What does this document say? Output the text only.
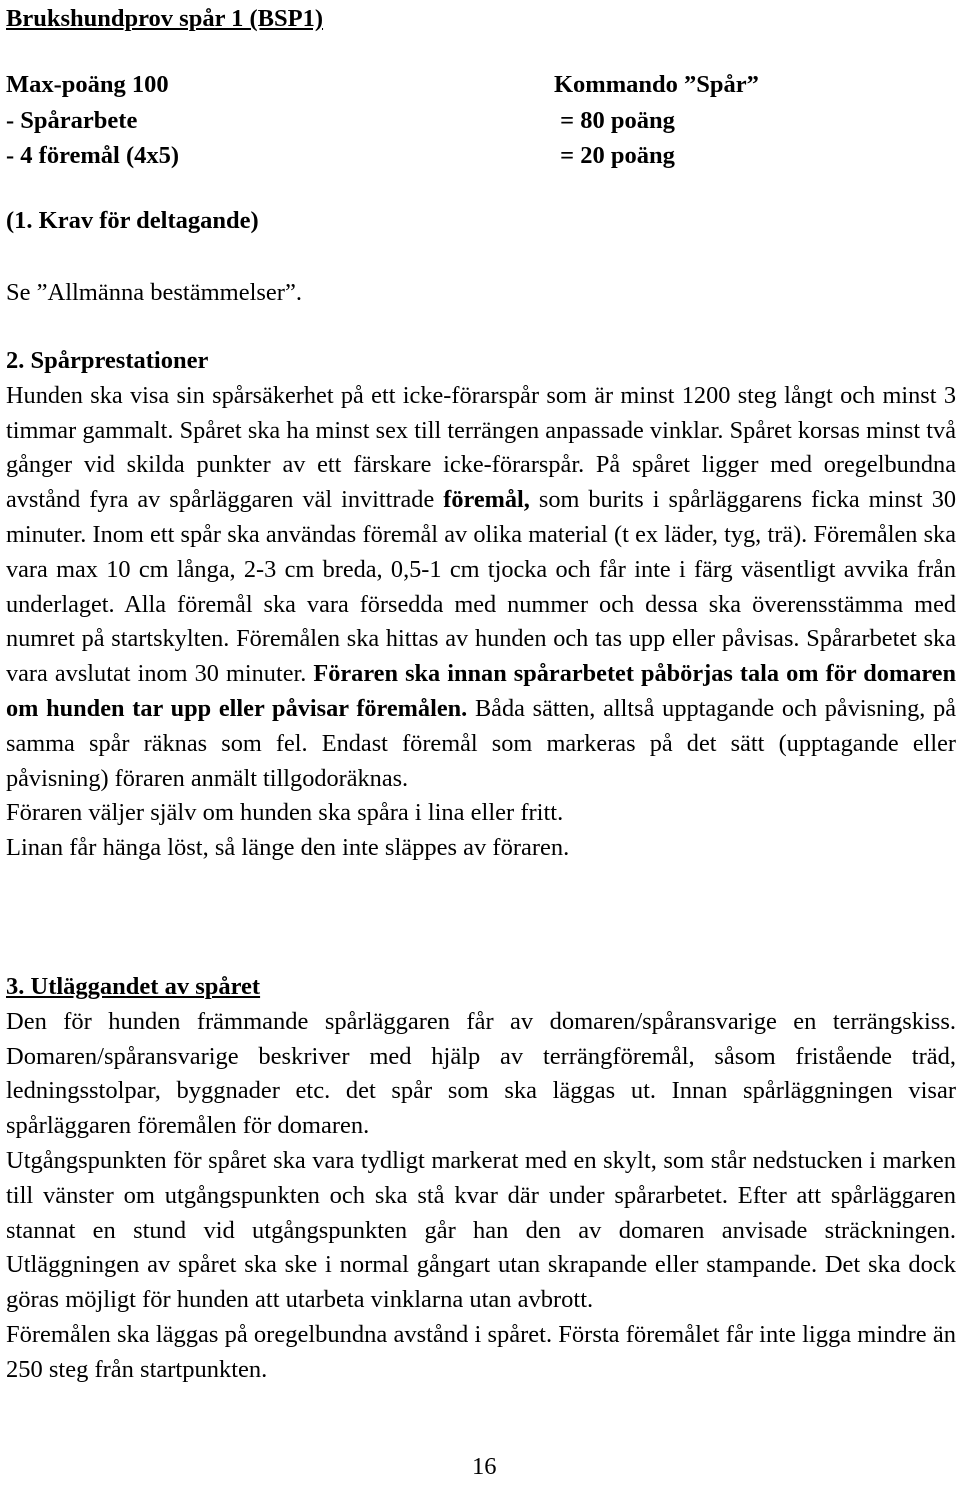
Brukshundprov spår 1 (BSP1)
Max-poäng 100	Kommando ”Spår”
- Spårarbete	= 80 poäng
- 4 föremål (4x5)	= 20 poäng
(1. Krav för deltagande)

Se ”Allmänna bestämmelser”.

2. Spårprestationer

Hunden ska visa sin spårsäkerhet på ett icke-förarspår som är minst 1200 steg långt och minst 3 timmar gammalt. Spåret ska ha minst sex till terrängen anpassade vinklar. Spåret korsas minst två gånger vid skilda punkter av ett färskare icke-förarspår. På spåret ligger med oregelbundna avstånd fyra av spårläggaren väl invittrade föremål, som burits i spårläggarens ficka minst 30 minuter. Inom ett spår ska användas föremål av olika material (t ex läder, tyg, trä). Föremålen ska vara max 10 cm långa, 2-3 cm breda, 0,5-1 cm tjocka och får inte i färg väsentligt avvika från underlaget. Alla föremål ska vara försedda med nummer och dessa ska överensstämma med numret på startskylten. Föremålen ska hittas av hunden och tas upp eller påvisas. Spårarbetet ska vara avslutat inom 30 minuter. Föraren ska innan spårarbetet påbörjas tala om för domaren om hunden tar upp eller påvisar föremålen. Båda sätten, alltså upptagande och påvisning, på samma spår räknas som fel. Endast föremål som markeras på det sätt (upptagande eller påvisning) föraren anmält tillgodoräknas.

Föraren väljer själv om hunden ska spåra i lina eller fritt.

Linan får hänga löst, så länge den inte släppes av föraren.

3. Utläggandet av spåret

Den för hunden främmande spårläggaren får av domaren/spåransvarige en terrängskiss. Domaren/spåransvarige beskriver med hjälp av terrängföremål, såsom fristående träd, ledningsstolpar, byggnader etc. det spår som ska läggas ut. Innan spårläggningen visar spårläggaren föremålen för domaren.

Utgångspunkten för spåret ska vara tydligt markerat med en skylt, som står nedstucken i marken till vänster om utgångspunkten och ska stå kvar där under spårarbetet. Efter att spårläggaren stannat en stund vid utgångspunkten går han den av domaren anvisade sträckningen. Utläggningen av spåret ska ske i normal gångart utan skrapande eller stampande. Det ska dock göras möjligt för hunden att utarbeta vinklarna utan avbrott.

Föremålen ska läggas på oregelbundna avstånd i spåret. Första föremålet får inte ligga mindre än 250 steg från startpunkten.

16
